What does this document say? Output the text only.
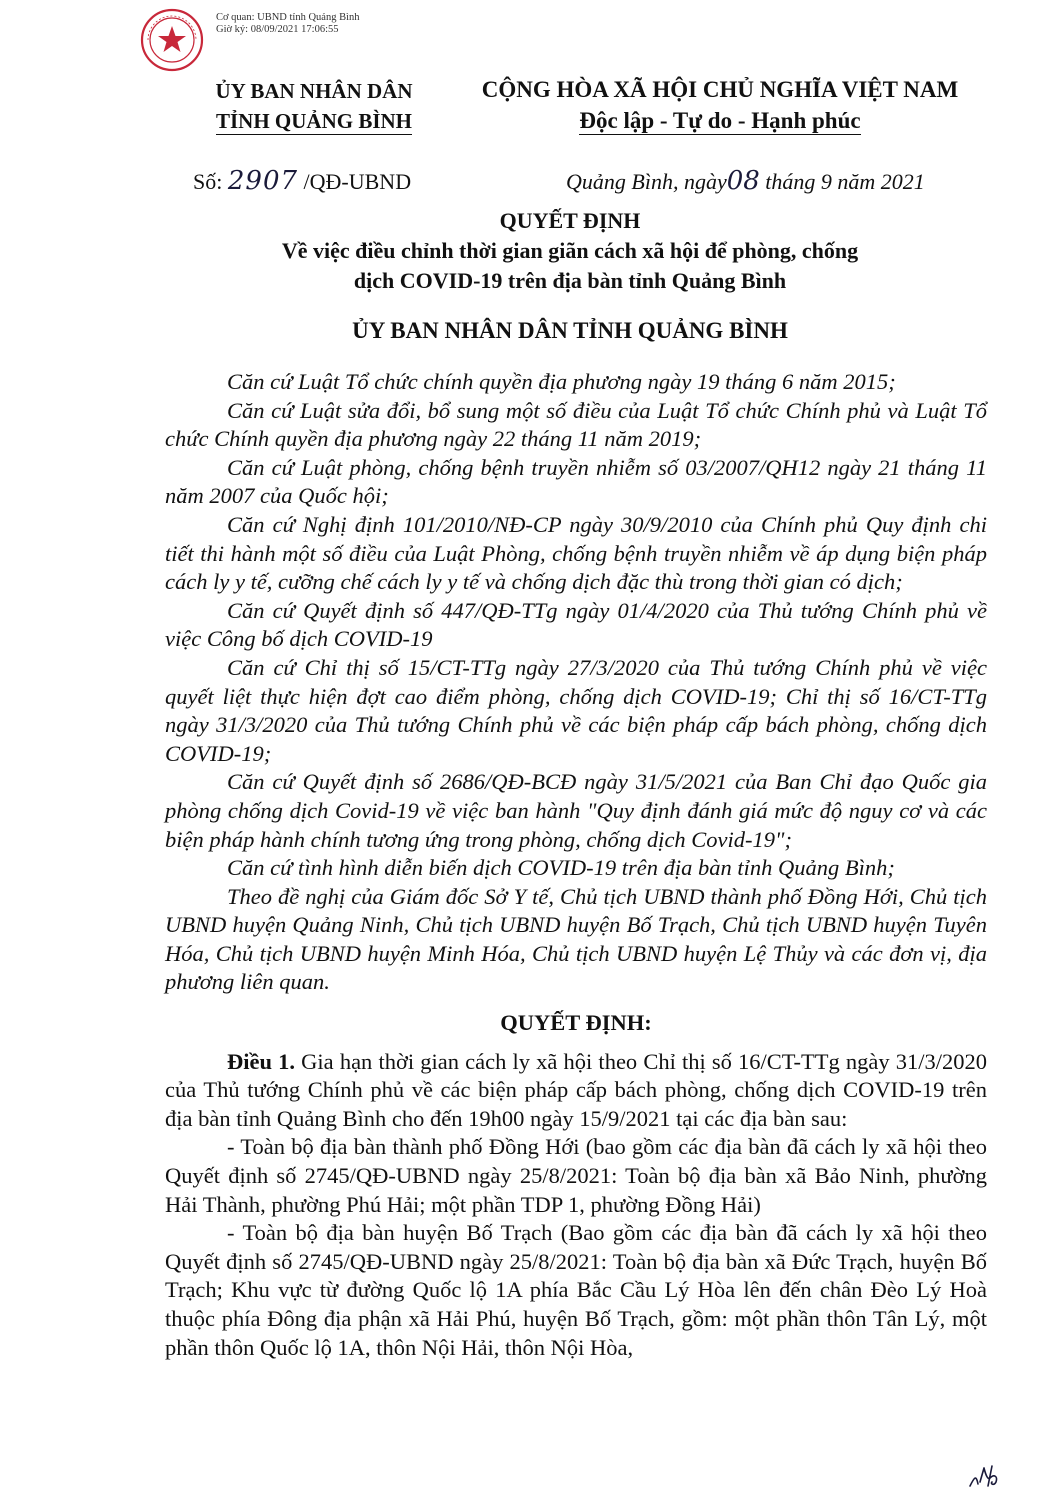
Cơ quan: UBND tỉnh Quảng Bình
Giờ ký: 08/09/2021 17:06:55
ỦY BAN NHÂN DÂN
TỈNH QUẢNG BÌNH
CỘNG HÒA XÃ HỘI CHỦ NGHĨA VIỆT NAM
Độc lập - Tự do - Hạnh phúc
Số: 2907 /QĐ-UBND	Quảng Bình, ngày08 tháng 9 năm 2021
QUYẾT ĐỊNH
Về việc điều chỉnh thời gian giãn cách xã hội để phòng, chống
dịch COVID-19 trên địa bàn tỉnh Quảng Bình
ỦY BAN NHÂN DÂN TỈNH QUẢNG BÌNH

Căn cứ Luật Tổ chức chính quyền địa phương ngày 19 tháng 6 năm 2015;

Căn cứ Luật sửa đổi, bổ sung một số điều của Luật Tổ chức Chính phủ và Luật Tổ chức Chính quyền địa phương ngày 22 tháng 11 năm 2019;

Căn cứ Luật phòng, chống bệnh truyền nhiễm số 03/2007/QH12 ngày 21 tháng 11 năm 2007 của Quốc hội;

Căn cứ Nghị định 101/2010/NĐ-CP ngày 30/9/2010 của Chính phủ Quy định chi tiết thi hành một số điều của Luật Phòng, chống bệnh truyền nhiễm về áp dụng biện pháp cách ly y tế, cưỡng chế cách ly y tế và chống dịch đặc thù trong thời gian có dịch;

Căn cứ Quyết định số 447/QĐ-TTg ngày 01/4/2020 của Thủ tướng Chính phủ về việc Công bố dịch COVID-19

Căn cứ Chỉ thị số 15/CT-TTg ngày 27/3/2020 của Thủ tướng Chính phủ về việc quyết liệt thực hiện đợt cao điểm phòng, chống dịch COVID-19; Chỉ thị số 16/CT-TTg ngày 31/3/2020 của Thủ tướng Chính phủ về các biện pháp cấp bách phòng, chống dịch COVID-19;

Căn cứ Quyết định số 2686/QĐ-BCĐ ngày 31/5/2021 của Ban Chỉ đạo Quốc gia phòng chống dịch Covid-19 về việc ban hành "Quy định đánh giá mức độ nguy cơ và các biện pháp hành chính tương ứng trong phòng, chống dịch Covid-19";

Căn cứ tình hình diễn biến dịch COVID-19 trên địa bàn tỉnh Quảng Bình;

Theo đề nghị của Giám đốc Sở Y tế, Chủ tịch UBND thành phố Đồng Hới, Chủ tịch UBND huyện Quảng Ninh, Chủ tịch UBND huyện Bố Trạch, Chủ tịch UBND huyện Tuyên Hóa, Chủ tịch UBND huyện Minh Hóa, Chủ tịch UBND huyện Lệ Thủy và các đơn vị, địa phương liên quan.

QUYẾT ĐỊNH:

Điều 1. Gia hạn thời gian cách ly xã hội theo Chỉ thị số 16/CT-TTg ngày 31/3/2020 của Thủ tướng Chính phủ về các biện pháp cấp bách phòng, chống dịch COVID-19 trên địa bàn tỉnh Quảng Bình cho đến 19h00 ngày 15/9/2021 tại các địa bàn sau:

- Toàn bộ địa bàn thành phố Đồng Hới (bao gồm các địa bàn đã cách ly xã hội theo Quyết định số 2745/QĐ-UBND ngày 25/8/2021: Toàn bộ địa bàn xã Bảo Ninh, phường Hải Thành, phường Phú Hải; một phần TDP 1, phường Đồng Hải)

- Toàn bộ địa bàn huyện Bố Trạch (Bao gồm các địa bàn đã cách ly xã hội theo Quyết định số 2745/QĐ-UBND ngày 25/8/2021: Toàn bộ địa bàn xã Đức Trạch, huyện Bố Trạch; Khu vực từ đường Quốc lộ 1A phía Bắc Cầu Lý Hòa lên đến chân Đèo Lý Hoà thuộc phía Đông địa phận xã Hải Phú, huyện Bố Trạch, gồm: một phần thôn Tân Lý, một phần thôn Quốc lộ 1A, thôn Nội Hải, thôn Nội Hòa,
